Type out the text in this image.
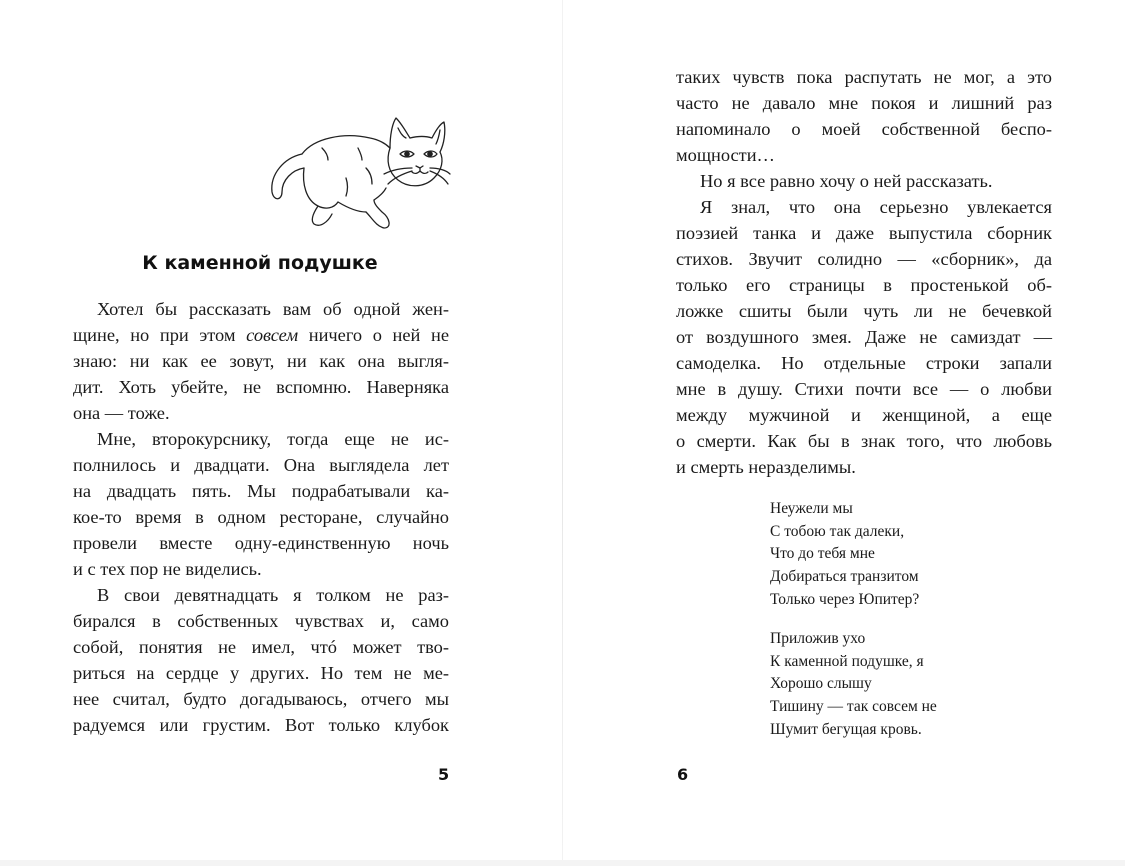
К каменной подушке
Хотел бы рассказать вам об одной жен-
щине, но при этом совсем ничего о ней не
знаю: ни как ее зовут, ни как она выгля-
дит. Хоть убейте, не вспомню. Наверняка
она — тоже.
Мне, второкурснику, тогда еще не ис-
полнилось и двадцати. Она выглядела лет
на двадцать пять. Мы подрабатывали ка-
кое-то время в одном ресторане, случайно
провели вместе одну-единственную ночь
и с тех пор не виделись.
В свои девятнадцать я толком не раз-
бирался в собственных чувствах и, само
собой, понятия не имел, чтó может тво-
риться на сердце у других. Но тем не ме-
нее считал, будто догадываюсь, отчего мы
радуемся или грустим. Вот только клубок
5
таких чувств пока распутать не мог, а это
часто не давало мне покоя и лишний раз
напоминало о моей собственной беспо-
мощности…
Но я все равно хочу о ней рассказать.
Я знал, что она серьезно увлекается
поэзией танка и даже выпустила сборник
стихов. Звучит солидно — «сборник», да
только его страницы в простенькой об-
ложке сшиты были чуть ли не бечевкой
от воздушного змея. Даже не самиздат —
самоделка. Но отдельные строки запали
мне в душу. Стихи почти все — о любви
между мужчиной и женщиной, а еще
о смерти. Как бы в знак того, что любовь
и смерть неразделимы.
Неужели мы
С тобою так далеки,
Что до тебя мне
Добираться транзитом
Только через Юпитер?
Приложив ухо
К каменной подушке, я
Хорошо слышу
Тишину — так совсем не
Шумит бегущая кровь.
6
